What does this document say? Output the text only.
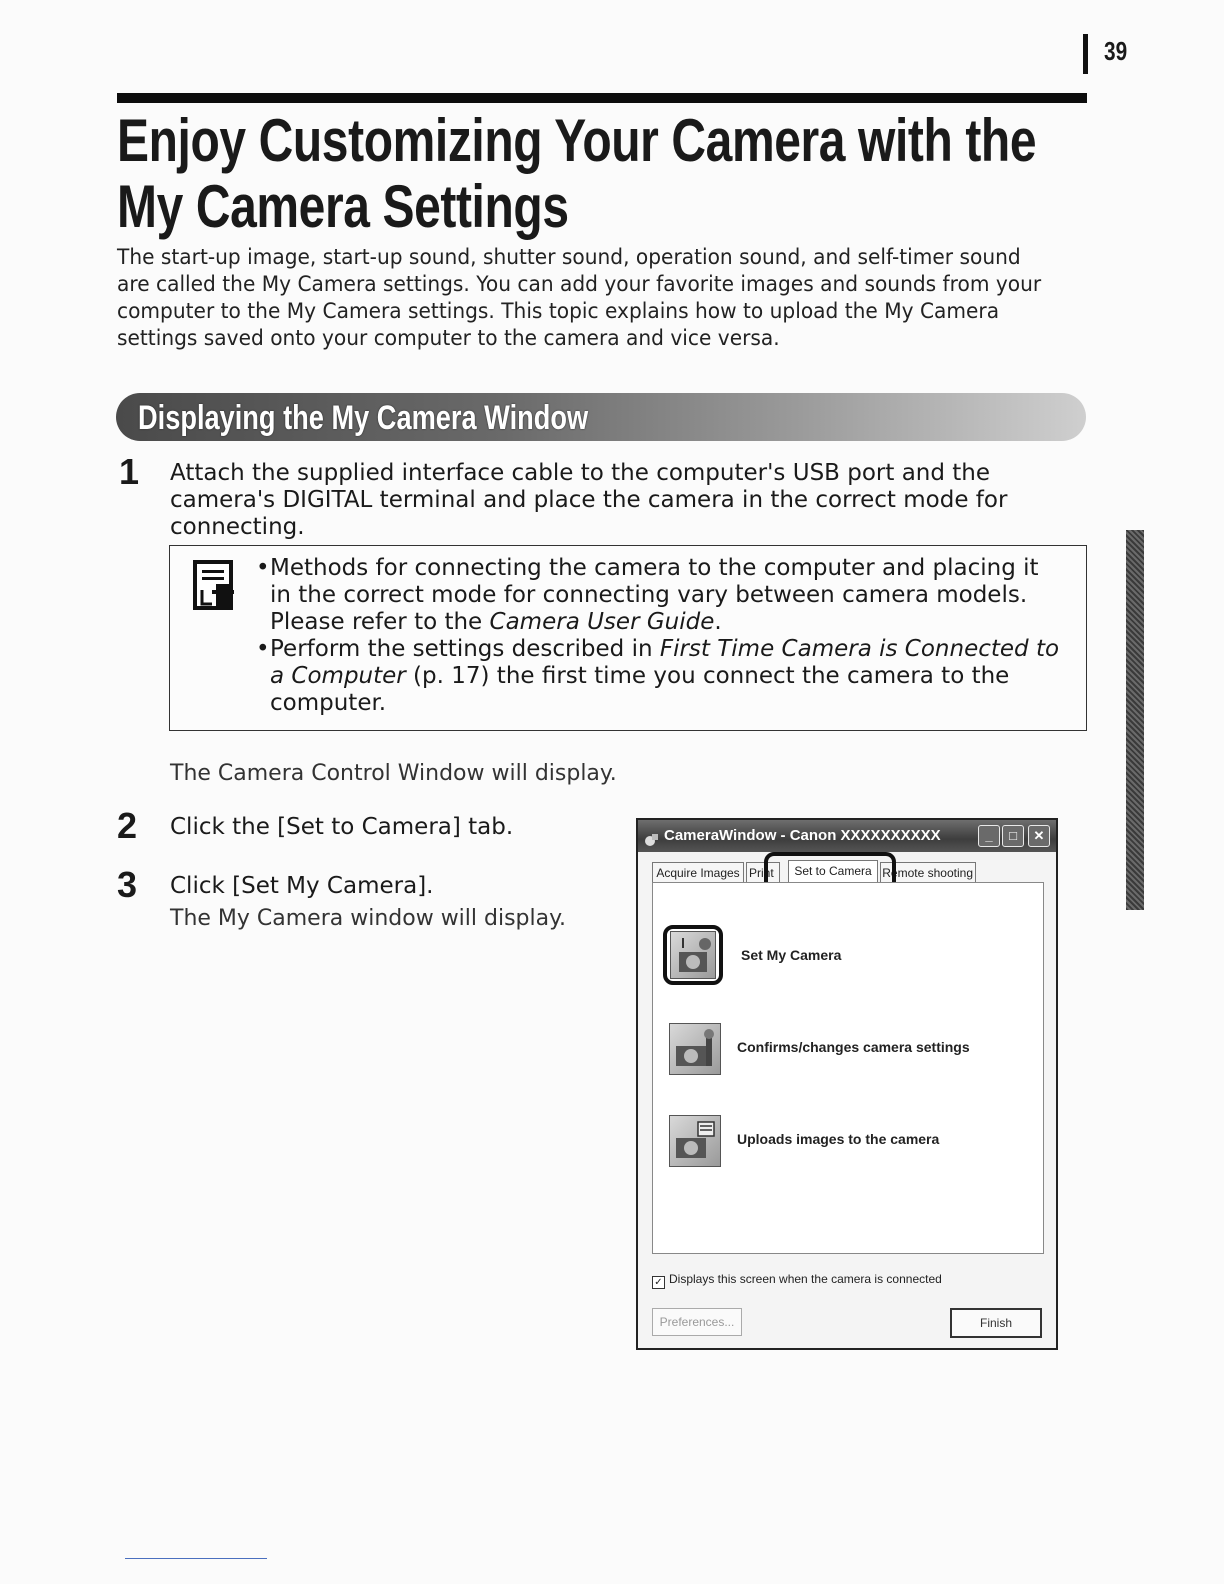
39
Enjoy Customizing Your Camera with the My Camera Settings

The start-up image, start-up sound, shutter sound, operation sound, and self-timer sound are called the My Camera settings. You can add your favorite images and sounds from your computer to the My Camera settings. This topic explains how to upload the My Camera settings saved onto your computer to the camera and vice versa.

Displaying the My Camera Window
1 Attach the supplied interface cable to the computer's USB port and the camera's DIGITAL terminal and place the camera in the correct mode for connecting.
• Methods for connecting the camera to the computer and placing it in the correct mode for connecting vary between camera models. Please refer to the Camera User Guide.
• Perform the settings described in First Time Camera is Connected to a Computer (p. 17) the first time you connect the camera to the computer.
The Camera Control Window will display.
2 Click the [Set to Camera] tab.
3 Click [Set My Camera].
The My Camera window will display.
CameraWindow - Canon XXXXXXXXXX	_	□	✕
Acquire Images Print	Set to Camera Remote shooting
Set My Camera
Confirms/changes camera settings
Uploads images to the camera
✓ Displays this screen when the camera is connected
Preferences...	Finish
